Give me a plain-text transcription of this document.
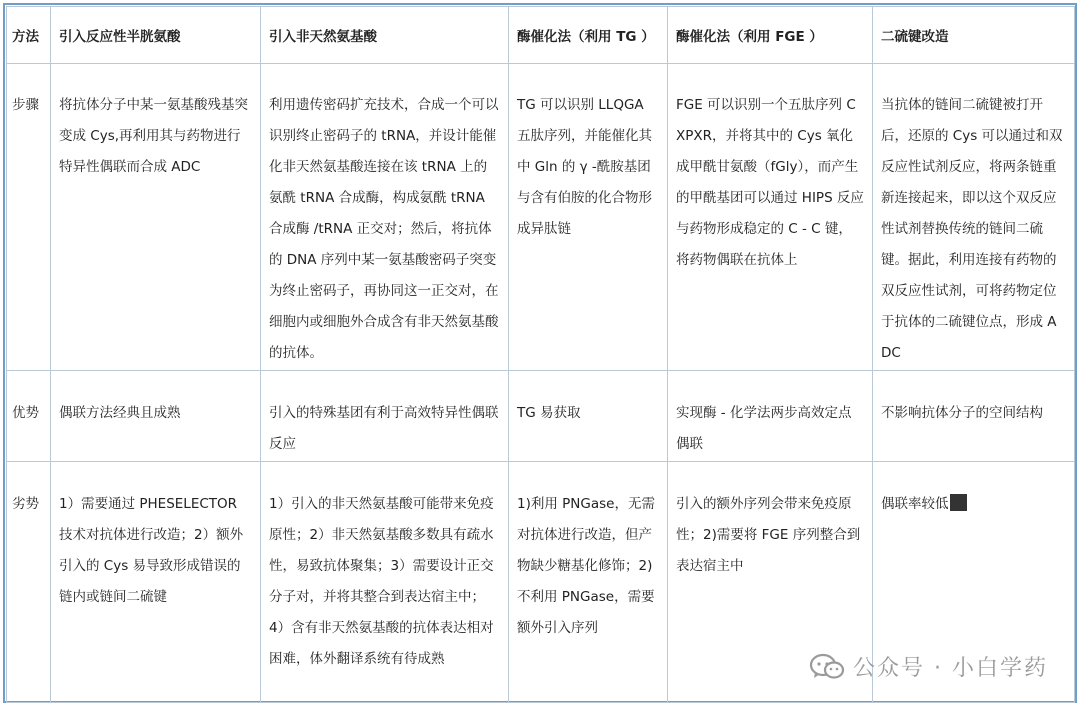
方法	引入反应性半胱氨酸	引入非天然氨基酸	酶催化法（利用 TG ）	酶催化法（利用 FGE ）	二硫键改造

步骤	将抗体分子中某一氨基酸残基突变成 Cys,再利用其与药物进行特异性偶联而合成 ADC	利用遗传密码扩充技术，合成一个可以识别终止密码子的 tRNA，并设计能催化非天然氨基酸连接在该 tRNA 上的氨酰 tRNA 合成酶，构成氨酰 tRNA 合成酶 /tRNA 正交对；然后，将抗体的 DNA 序列中某一氨基酸密码子突变为终止密码子，再协同这一正交对，在细胞内或细胞外合成含有非天然氨基酸的抗体。	TG 可以识别 LLQGA 五肽序列，并能催化其中 Gln 的 γ -酰胺基团与含有伯胺的化合物形成异肽链	FGE 可以识别一个五肽序列 CXPXR，并将其中的 Cys 氧化成甲酰甘氨酸（fGly），而产生的甲酰基团可以通过 HIPS 反应与药物形成稳定的 C - C 键，将药物偶联在抗体上	当抗体的链间二硫键被打开后，还原的 Cys 可以通过和双反应性试剂反应，将两条链重新连接起来，即以这个双反应性试剂替换传统的链间二硫键。据此，利用连接有药物的双反应性试剂，可将药物定位于抗体的二硫键位点，形成 ADC

优势	偶联方法经典且成熟	引入的特殊基团有利于高效特异性偶联反应	TG 易获取	实现酶 - 化学法两步高效定点偶联	不影响抗体分子的空间结构

劣势	1）需要通过 PHESELECTOR 技术对抗体进行改造；2）额外引入的 Cys 易导致形成错误的链内或链间二硫键	1）引入的非天然氨基酸可能带来免疫原性；2）非天然氨基酸多数具有疏水性，易致抗体聚集；3）需要设计正交分子对，并将其整合到表达宿主中；4）含有非天然氨基酸的抗体表达相对困难，体外翻译系统有待成熟	1)利用 PNGase，无需对抗体进行改造，但产物缺少糖基化修饰；2)不利用 PNGase，需要额外引入序列	引入的额外序列会带来免疫原性；2)需要将 FGE 序列整合到表达宿主中	偶联率较低
公众号 · 小白学药
